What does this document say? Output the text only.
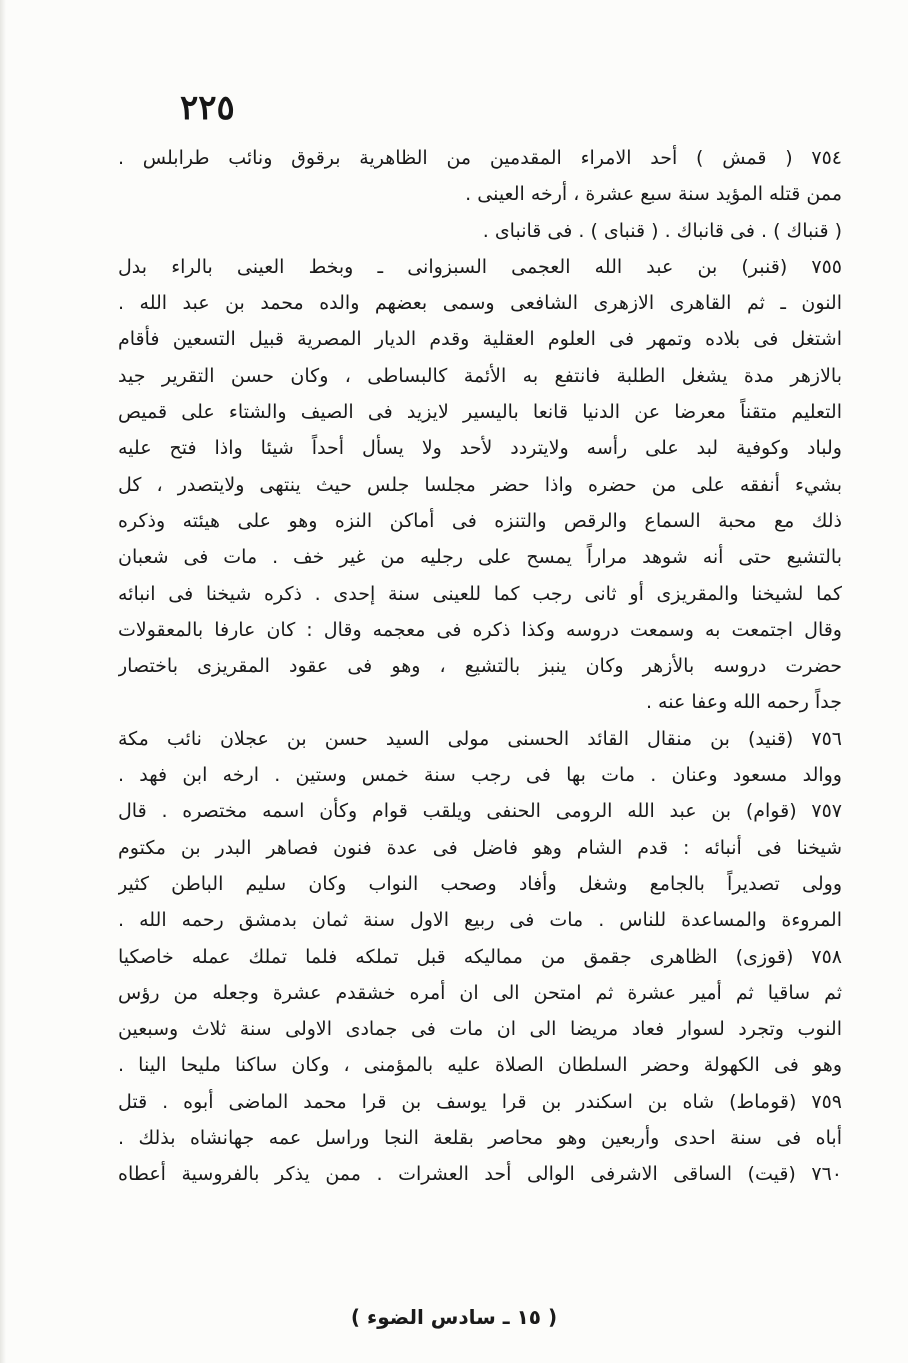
٢٢٥
٧٥٤ ( قمش ) أحد الامراء المقدمين من الظاهرية برقوق ونائب طرابلس .
ممن قتله المؤيد سنة سبع عشرة ، أرخه العينى .
( قنباك ) . فى قانباك . ( قنباى ) . فى قانباى .
٧٥٥ (قنبر) بن عبد الله العجمى السبزوانى ـ وبخط العينى بالراء بدل
النون ـ ثم القاهرى الازهرى الشافعى وسمى بعضهم والده محمد بن عبد الله .
اشتغل فى بلاده وتمهر فى العلوم العقلية وقدم الديار المصرية قبيل التسعين فأقام
بالازهر مدة يشغل الطلبة فانتفع به الأئمة كالبساطى ، وكان حسن التقرير جيد
التعليم متقناً معرضا عن الدنيا قانعا باليسير لايزيد فى الصيف والشتاء على قميص
ولباد وكوفية لبد على رأسه ولايتردد لأحد ولا يسأل أحداً شيئا واذا فتح عليه
بشيء أنفقه على من حضره واذا حضر مجلسا جلس حيث ينتهى ولايتصدر ، كل
ذلك مع محبة السماع والرقص والتنزه فى أماكن النزه وهو على هيئته وذكره
بالتشيع حتى أنه شوهد مراراً يمسح على رجليه من غير خف . مات فى شعبان
كما لشيخنا والمقريزى أو ثانى رجب كما للعينى سنة إحدى . ذكره شيخنا فى انبائه
وقال اجتمعت به وسمعت دروسه وكذا ذكره فى معجمه وقال : كان عارفا بالمعقولات
حضرت دروسه بالأزهر وكان ينبز بالتشيع ، وهو فى عقود المقريزى باختصار
جداً رحمه الله وعفا عنه .
٧٥٦ (قنيد) بن منقال القائد الحسنى مولى السيد حسن بن عجلان نائب مكة
ووالد مسعود وعنان . مات بها فى رجب سنة خمس وستين . ارخه ابن فهد .
٧٥٧ (قوام) بن عبد الله الرومى الحنفى ويلقب قوام وكأن اسمه مختصره . قال
شيخنا فى أنبائه : قدم الشام وهو فاضل فى عدة فنون فصاهر البدر بن مكتوم
وولى تصديراً بالجامع وشغل وأفاد وصحب النواب وكان سليم الباطن كثير
المروءة والمساعدة للناس . مات فى ربيع الاول سنة ثمان بدمشق رحمه الله .
٧٥٨ (قوزى) الظاهرى جقمق من مماليكه قبل تملكه فلما تملك عمله خاصكيا
ثم ساقيا ثم أمير عشرة ثم امتحن الى ان أمره خشقدم عشرة وجعله من رؤس
النوب وتجرد لسوار فعاد مريضا الى ان مات فى جمادى الاولى سنة ثلاث وسبعين
وهو فى الكهولة وحضر السلطان الصلاة عليه بالمؤمنى ، وكان ساكنا مليحا الينا .
٧٥٩ (قوماط) شاه بن اسكندر بن قرا يوسف بن قرا محمد الماضى أبوه . قتل
أباه فى سنة احدى وأربعين وهو محاصر بقلعة النجا وراسل عمه جهانشاه بذلك .
٧٦٠ (قيت) الساقى الاشرفى الوالى أحد العشرات . ممن يذكر بالفروسية أعطاه
( ١٥ ـ سادس الضوء )
